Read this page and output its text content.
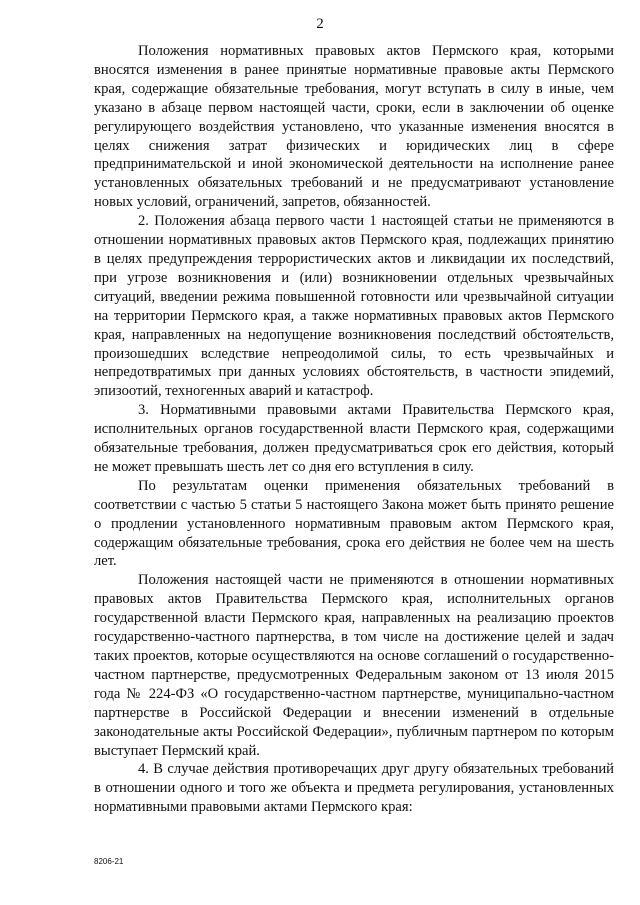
2

Положения нормативных правовых актов Пермского края, которыми вносятся изменения в ранее принятые нормативные правовые акты Пермского края, содержащие обязательные требования, могут вступать в силу в иные, чем указано в абзаце первом настоящей части, сроки, если в заключении об оценке регулирующего воздействия установлено, что указанные изменения вносятся в целях снижения затрат физических и юридических лиц в сфере предпринимательской и иной экономической деятельности на исполнение ранее установленных обязательных требований и не предусматривают установление новых условий, ограничений, запретов, обязанностей.

2. Положения абзаца первого части 1 настоящей статьи не применяются в отношении нормативных правовых актов Пермского края, подлежащих принятию в целях предупреждения террористических актов и ликвидации их последствий, при угрозе возникновения и (или) возникновении отдельных чрезвычайных ситуаций, введении режима повышенной готовности или чрезвычайной ситуации на территории Пермского края, а также нормативных правовых актов Пермского края, направленных на недопущение возникновения последствий обстоятельств, произошедших вследствие непреодолимой силы, то есть чрезвычайных и непредотвратимых при данных условиях обстоятельств, в частности эпидемий, эпизоотий, техногенных аварий и катастроф.

3. Нормативными правовыми актами Правительства Пермского края, исполнительных органов государственной власти Пермского края, содержащими обязательные требования, должен предусматриваться срок его действия, который не может превышать шесть лет со дня его вступления в силу.

По результатам оценки применения обязательных требований в соответствии с частью 5 статьи 5 настоящего Закона может быть принято решение о продлении установленного нормативным правовым актом Пермского края, содержащим обязательные требования, срока его действия не более чем на шесть лет.

Положения настоящей части не применяются в отношении нормативных правовых актов Правительства Пермского края, исполнительных органов государственной власти Пермского края, направленных на реализацию проектов государственно-частного партнерства, в том числе на достижение целей и задач таких проектов, которые осуществляются на основе соглашений о государственно-частном партнерстве, предусмотренных Федеральным законом от 13 июля 2015 года № 224-ФЗ «О государственно-частном партнерстве, муниципально-частном партнерстве в Российской Федерации и внесении изменений в отдельные законодательные акты Российской Федерации», публичным партнером по которым выступает Пермский край.

4. В случае действия противоречащих друг другу обязательных требований в отношении одного и того же объекта и предмета регулирования, установленных нормативными правовыми актами Пермского края:

8206-21
